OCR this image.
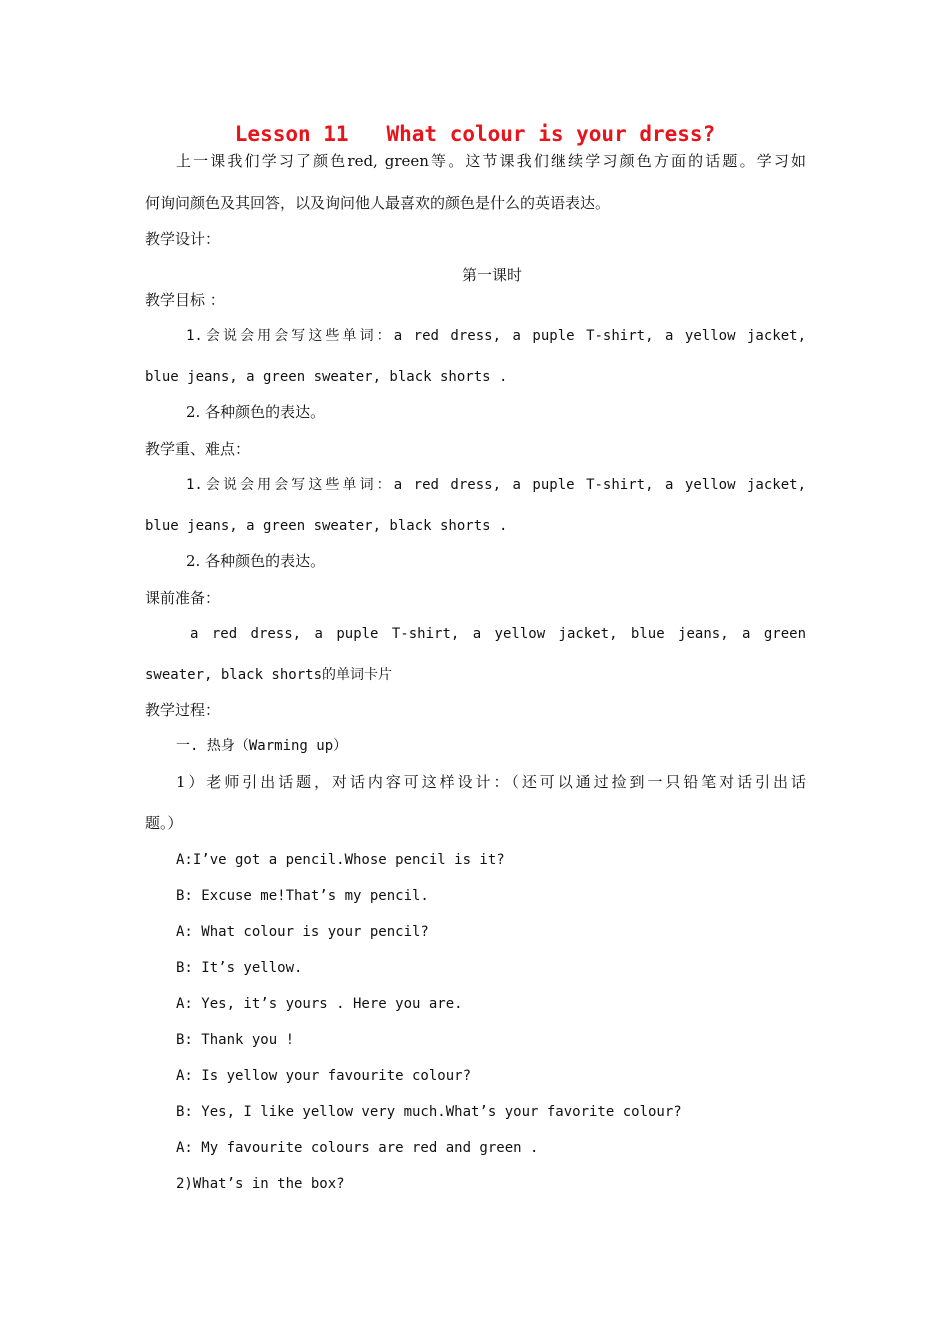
Lesson 11   What colour is your dress?
上一课我们学习了颜色red, green等。这节课我们继续学习颜色方面的话题。学习如
何询问颜色及其回答，以及询问他人最喜欢的颜色是什么的英语表达。
教学设计：
第一课时
教学目标 ：
1.会说会用会写这些单词：a red dress, a puple T-shirt, a yellow jacket,
blue jeans, a green sweater, black shorts .
2. 各种颜色的表达。
教学重、难点：
1.会说会用会写这些单词：a red dress, a puple T-shirt, a yellow jacket,
blue jeans, a green sweater, black shorts .
2. 各种颜色的表达。
课前准备：
a red dress, a puple T-shirt, a yellow jacket, blue jeans, a green
sweater, black shorts的单词卡片
教学过程：
一. 热身（Warming up）
1）老师引出话题，对话内容可这样设计：（还可以通过捡到一只铅笔对话引出话
题。）
A:I’ve got a pencil.Whose pencil is it?
B: Excuse me!That’s my pencil.
A: What colour is your pencil?
B: It’s yellow.
A: Yes, it’s yours . Here you are.
B: Thank you !
A: Is yellow your favourite colour?
B: Yes, I like yellow very much.What’s your favorite colour?
A: My favourite colours are red and green .
2)What’s in the box?
